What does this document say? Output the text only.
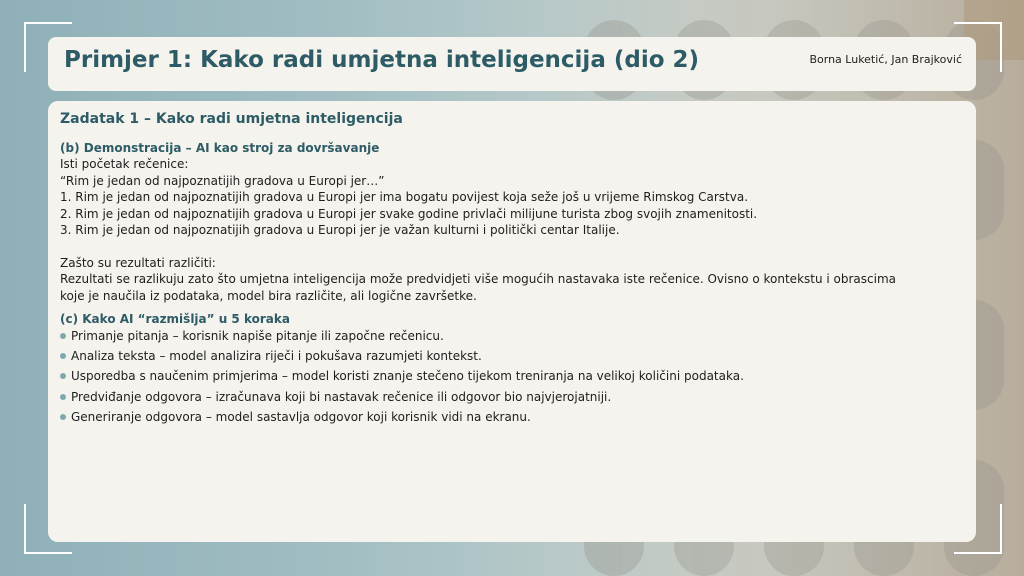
Primjer 1: Kako radi umjetna inteligencija (dio 2)	Borna Luketić, Jan Brajković
Zadatak 1 – Kako radi umjetna inteligencija
(b) Demonstracija – AI kao stroj za dovršavanje
Isti početak rečenice:
“Rim je jedan od najpoznatijih gradova u Europi jer…”
1. Rim je jedan od najpoznatijih gradova u Europi jer ima bogatu povijest koja seže još u vrijeme Rimskog Carstva.
2. Rim je jedan od najpoznatijih gradova u Europi jer svake godine privlači milijune turista zbog svojih znamenitosti.
3. Rim je jedan od najpoznatijih gradova u Europi jer je važan kulturni i politički centar Italije.
Zašto su rezultati različiti:
Rezultati se razlikuju zato što umjetna inteligencija može predvidjeti više mogućih nastavaka iste rečenice. Ovisno o kontekstu i obrascima
koje je naučila iz podataka, model bira različite, ali logične završetke.
(c) Kako AI “razmišlja” u 5 koraka
Primanje pitanja – korisnik napiše pitanje ili započne rečenicu.
Analiza teksta – model analizira riječi i pokušava razumjeti kontekst.
Usporedba s naučenim primjerima – model koristi znanje stečeno tijekom treniranja na velikoj količini podataka.
Predviđanje odgovora – izračunava koji bi nastavak rečenice ili odgovor bio najvjerojatniji.
Generiranje odgovora – model sastavlja odgovor koji korisnik vidi na ekranu.
